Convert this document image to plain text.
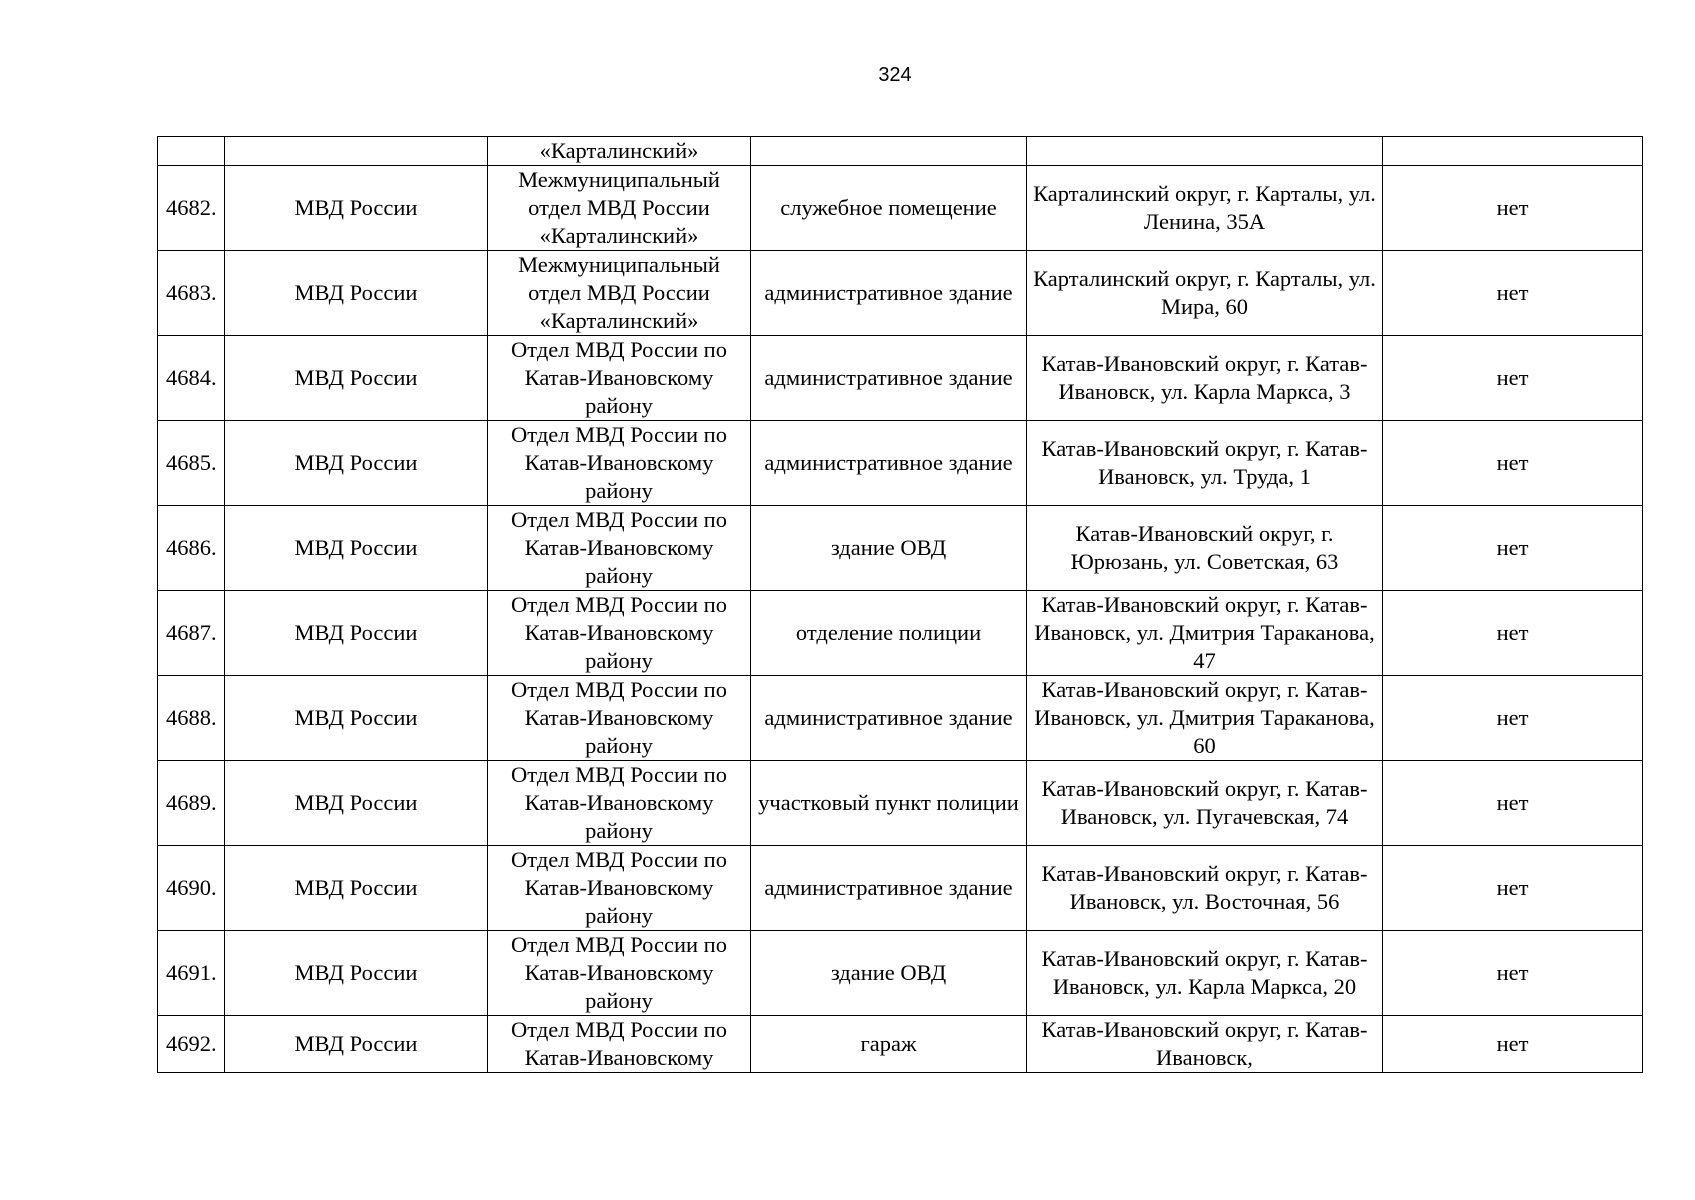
324
		«Карталинский»			
4682.	МВД России	Межмуниципальный отдел МВД России «Карталинский»	служебное помещение	Карталинский округ, г. Карталы, ул. Ленина, 35А	нет
4683.	МВД России	Межмуниципальный отдел МВД России «Карталинский»	административное здание	Карталинский округ, г. Карталы, ул. Мира, 60	нет
4684.	МВД России	Отдел МВД России по Катав-Ивановскому району	административное здание	Катав-Ивановский округ, г. Катав-Ивановск, ул. Карла Маркса, 3	нет
4685.	МВД России	Отдел МВД России по Катав-Ивановскому району	административное здание	Катав-Ивановский округ, г. Катав-Ивановск, ул. Труда, 1	нет
4686.	МВД России	Отдел МВД России по Катав-Ивановскому району	здание ОВД	Катав-Ивановский округ, г. Юрюзань, ул. Советская, 63	нет
4687.	МВД России	Отдел МВД России по Катав-Ивановскому району	отделение полиции	Катав-Ивановский округ, г. Катав-Ивановск, ул. Дмитрия Тараканова, 47	нет
4688.	МВД России	Отдел МВД России по Катав-Ивановскому району	административное здание	Катав-Ивановский округ, г. Катав-Ивановск, ул. Дмитрия Тараканова, 60	нет
4689.	МВД России	Отдел МВД России по Катав-Ивановскому району	участковый пункт полиции	Катав-Ивановский округ, г. Катав-Ивановск, ул. Пугачевская, 74	нет
4690.	МВД России	Отдел МВД России по Катав-Ивановскому району	административное здание	Катав-Ивановский округ, г. Катав-Ивановск, ул. Восточная, 56	нет
4691.	МВД России	Отдел МВД России по Катав-Ивановскому району	здание ОВД	Катав-Ивановский округ, г. Катав-Ивановск, ул. Карла Маркса, 20	нет
4692.	МВД России	Отдел МВД России по Катав-Ивановскому	гараж	Катав-Ивановский округ, г. Катав-Ивановск,	нет
